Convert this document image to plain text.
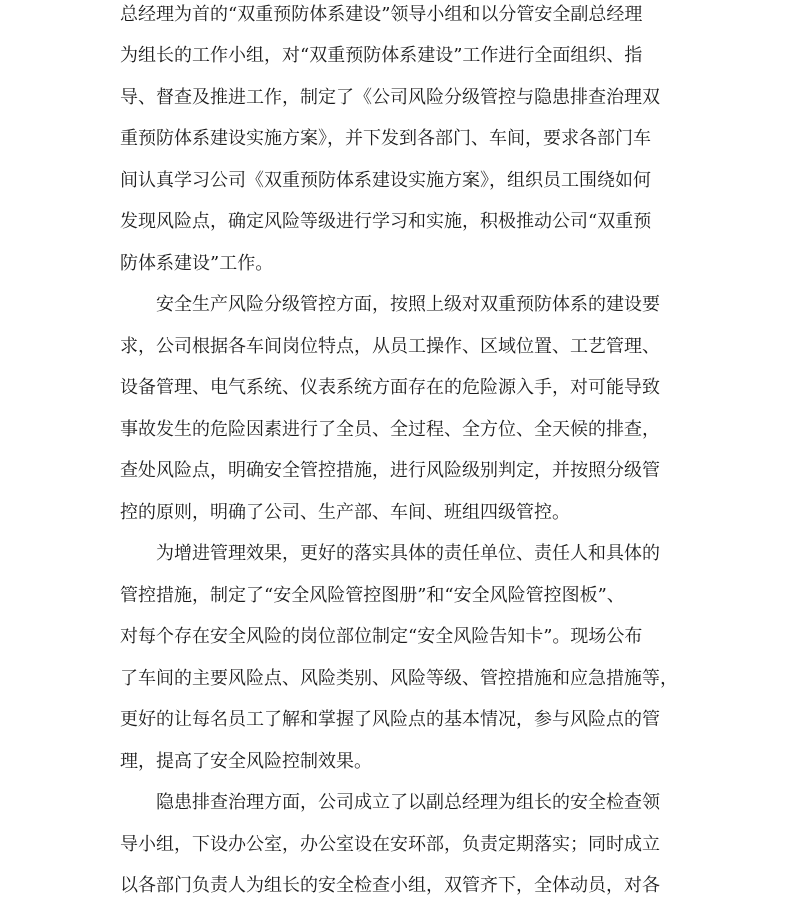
总经理为首的“双重预防体系建设”领导小组和以分管安全副总经理
为组长的工作小组，对“双重预防体系建设”工作进行全面组织、指
导、督查及推进工作，制定了《公司风险分级管控与隐患排查治理双
重预防体系建设实施方案》，并下发到各部门、车间，要求各部门车
间认真学习公司《双重预防体系建设实施方案》，组织员工围绕如何
发现风险点，确定风险等级进行学习和实施，积极推动公司“双重预
防体系建设”工作。
安全生产风险分级管控方面，按照上级对双重预防体系的建设要
求，公司根据各车间岗位特点，从员工操作、区域位置、工艺管理、
设备管理、电气系统、仪表系统方面存在的危险源入手，对可能导致
事故发生的危险因素进行了全员、全过程、全方位、全天候的排查，
查处风险点，明确安全管控措施，进行风险级别判定，并按照分级管
控的原则，明确了公司、生产部、车间、班组四级管控。
为增进管理效果，更好的落实具体的责任单位、责任人和具体的
管控措施，制定了“安全风险管控图册”和“安全风险管控图板”、
对每个存在安全风险的岗位部位制定“安全风险告知卡”。现场公布
了车间的主要风险点、风险类别、风险等级、管控措施和应急措施等，
更好的让每名员工了解和掌握了风险点的基本情况，参与风险点的管
理，提高了安全风险控制效果。
隐患排查治理方面，公司成立了以副总经理为组长的安全检查领
导小组，下设办公室，办公室设在安环部，负责定期落实；同时成立
以各部门负责人为组长的安全检查小组，双管齐下，全体动员，对各
